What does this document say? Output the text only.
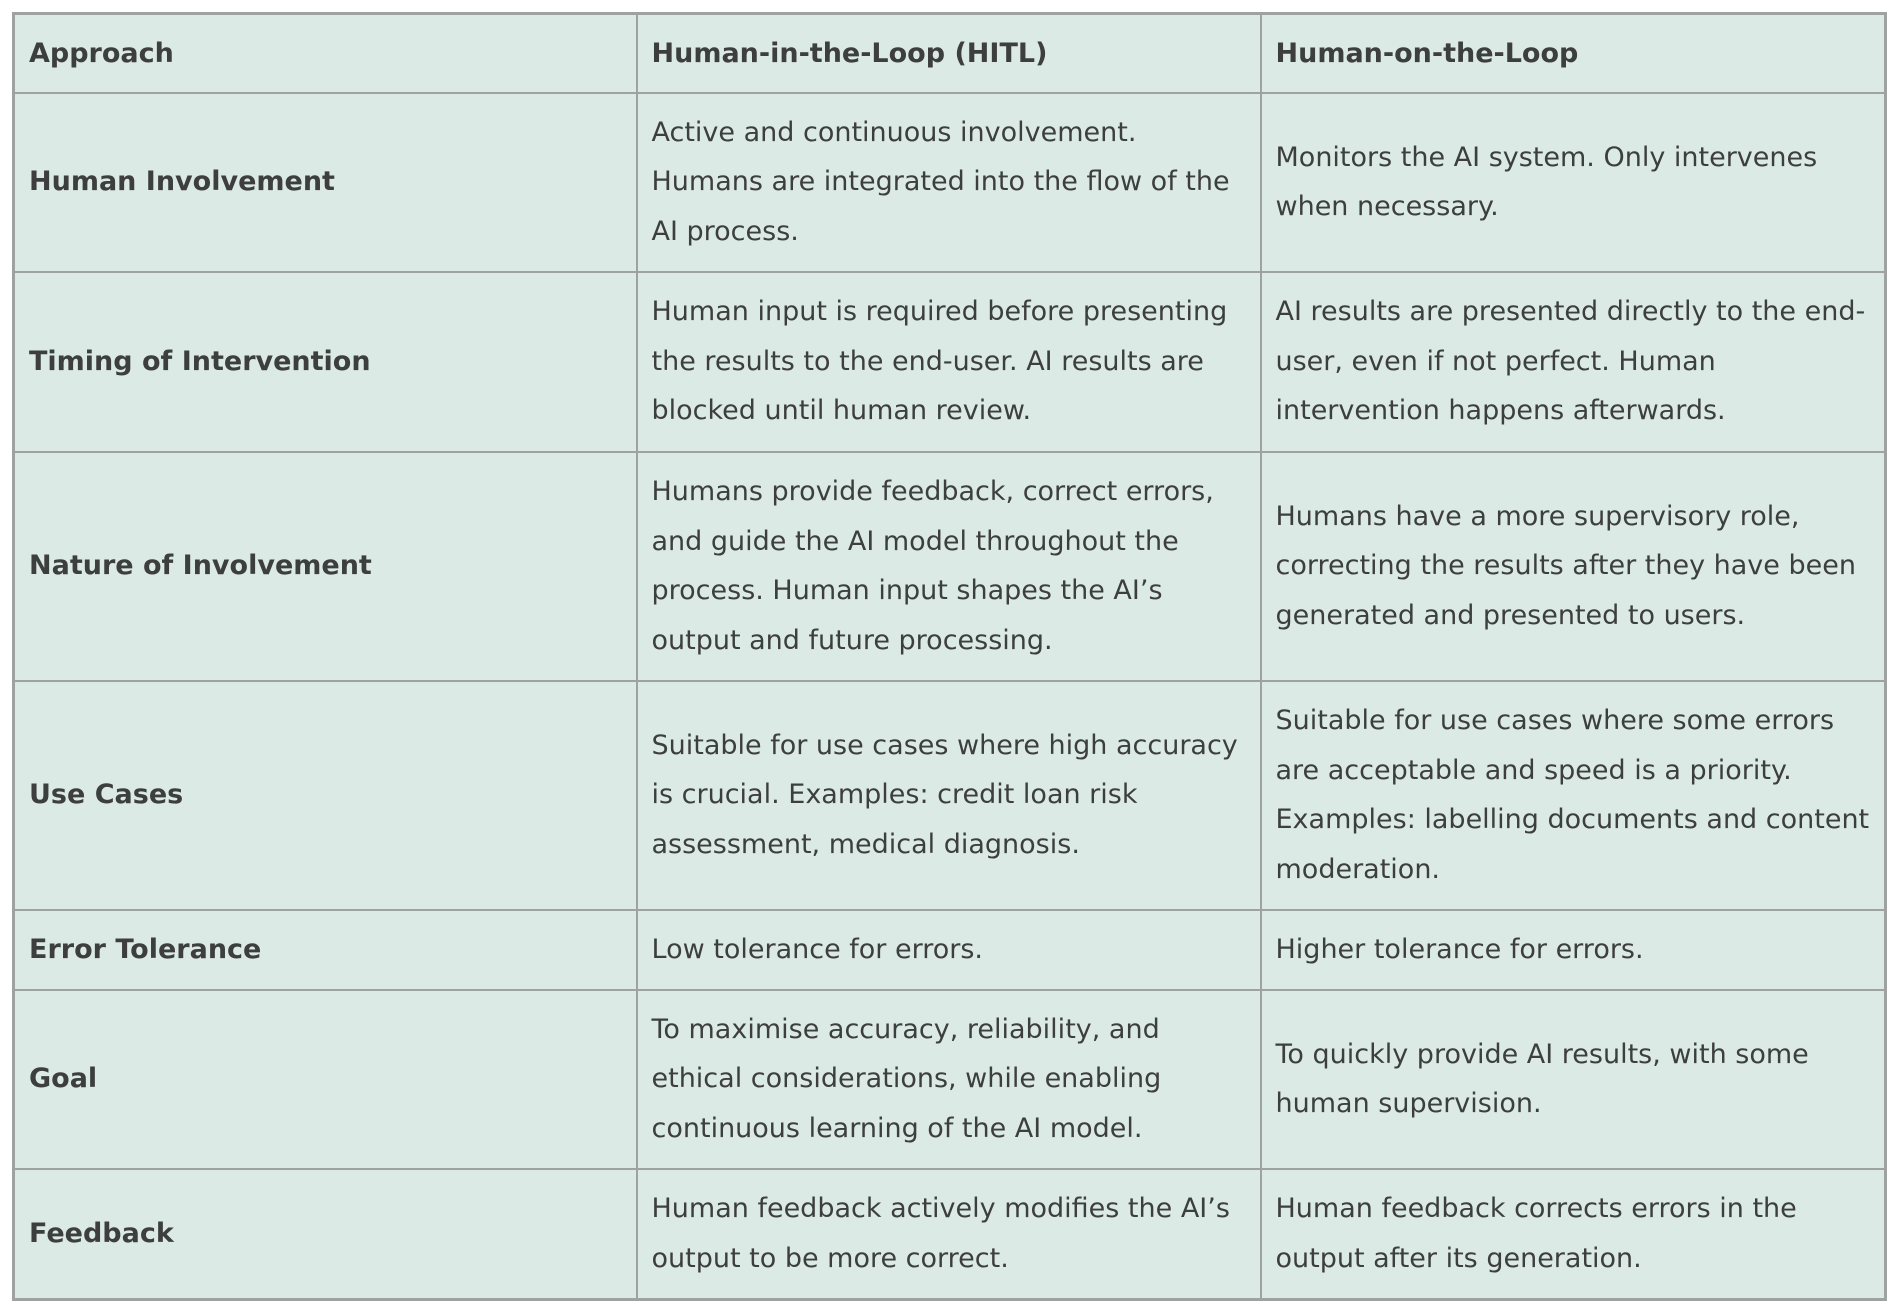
Approach	Human-in-the-Loop (HITL)	Human-on-the-Loop
Human Involvement	Active and continuous involvement. Humans are integrated into the flow of the AI process.	Monitors the AI system. Only intervenes when necessary.
Timing of Intervention	Human input is required before presenting the results to the end-user. AI results are blocked until human review.	AI results are presented directly to the end-user, even if not perfect. Human intervention happens afterwards.
Nature of Involvement	Humans provide feedback, correct errors, and guide the AI model throughout the process. Human input shapes the AI’s output and future processing.	Humans have a more supervisory role, correcting the results after they have been generated and presented to users.
Use Cases	Suitable for use cases where high accuracy is crucial. Examples: credit loan risk assessment, medical diagnosis.	Suitable for use cases where some errors are acceptable and speed is a priority. Examples: labelling documents and content moderation.
Error Tolerance	Low tolerance for errors.	Higher tolerance for errors.
Goal	To maximise accuracy, reliability, and ethical considerations, while enabling continuous learning of the AI model.	To quickly provide AI results, with some human supervision.
Feedback	Human feedback actively modifies the AI’s output to be more correct.	Human feedback corrects errors in the output after its generation.
